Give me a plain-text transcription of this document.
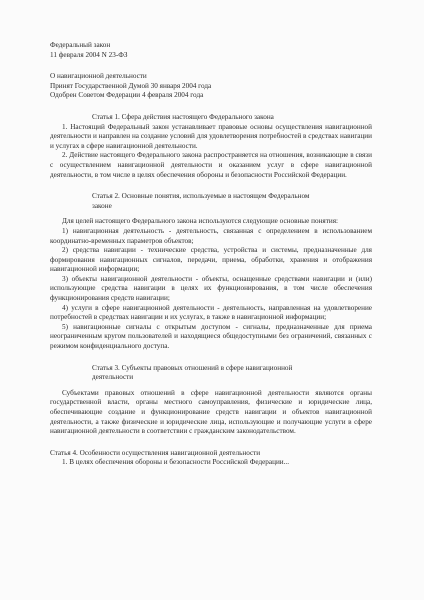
Федеральный закон

11 февраля 2004 N 23-ФЗ

О навигационной деятельности

Принят Государственной Думой 30 января 2004 года

Одобрен Советом Федерации 4 февраля 2004 года

Статья 1. Сфера действия настоящего Федерального закона

1. Настоящий Федеральный закон устанавливает правовые основы осуществления навигационной деятельности и направлен на создание условий для удовлетворения потребностей в средствах навигации и услугах в сфере навигационной деятельности.

2. Действие настоящего Федерального закона распространяется на отношения, возникающие в связи с осуществлением навигационной деятельности и оказанием услуг в сфере навигационной деятельности, в том числе в целях обеспечения обороны и безопасности Российской Федерации.

Статья 2. Основные понятия, используемые в настоящем Федеральном законе

Для целей настоящего Федерального закона используются следующие основные понятия:

1) навигационная деятельность - деятельность, связанная с определением в использованием координатно-временных параметров объектов;

2) средства навигации - технические средства, устройства и системы, предназначенные для формирования навигационных сигналов, передачи, приема, обработки, хранения и отображения навигационной информации;

3) объекты навигационной деятельности - объекты, оснащенные средствами навигации и (или) использующие средства навигации в целях их функционирования, в том числе обеспечения функционирования средств навигации;

4) услуги в сфере навигационной деятельности - деятельность, направленная на удовлетворение потребностей в средствах навигации и их услугах, в также в навигационной информации;

5) навигационные сигналы с открытым доступом - сигналы, предназначенные для приема неограниченным кругом пользователей и находящиеся общедоступными без ограничений, связанных с режимом конфиденциального доступа.

Статья 3. Субъекты правовых отношений в сфере навигационной деятельности

Субъектами правовых отношений в сфере навигационной деятельности являются органы государственной власти, органы местного самоуправления, физические и юридические лица, обеспечивающие создание и функционирование средств навигации и объектов навигационной деятельности, а также физические и юридические лица, использующие и получающие услуги в сфере навигационной деятельности в соответствии с гражданским законодательством.

Статья 4. Особенности осуществления навигационной деятельности

1. В целях обеспечения обороны и безопасности Российской Федерации...
